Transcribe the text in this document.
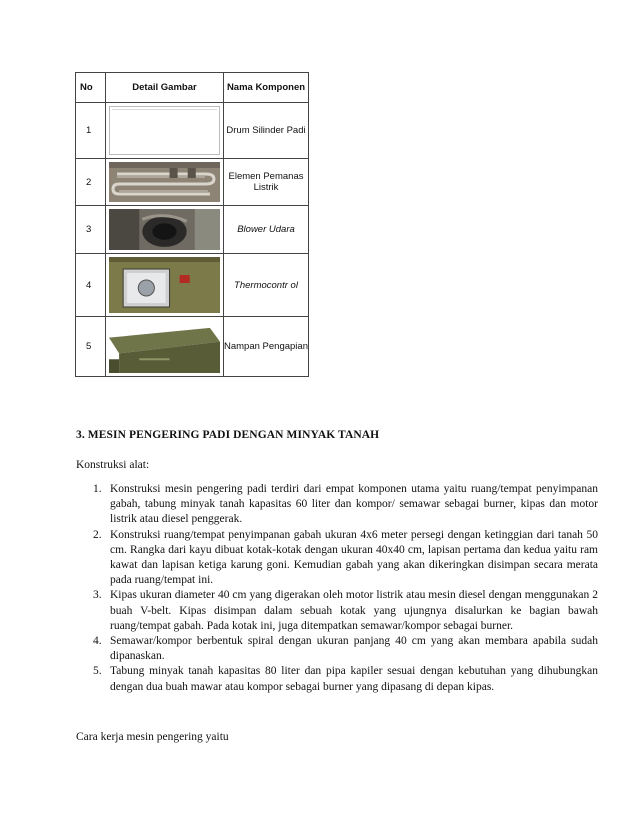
No	Detail Gambar	Nama Komponen
1		Drum Silinder Padi
2		Elemen Pemanas Listrik
3		Blower Udara
4		Thermocontr ol
5		Nampan Pengapian
3. MESIN PENGERING PADI DENGAN MINYAK TANAH
Konstruksi alat:
1. Konstruksi mesin pengering padi terdiri dari empat komponen utama yaitu ruang/tempat penyimpanan gabah, tabung minyak tanah kapasitas 60 liter dan kompor/ semawar sebagai burner, kipas dan motor listrik atau diesel penggerak.
2. Konstruksi ruang/tempat penyimpanan gabah ukuran 4x6 meter persegi dengan ketinggian dari tanah 50 cm. Rangka dari kayu dibuat kotak-kotak dengan ukuran 40x40 cm, lapisan pertama dan kedua yaitu ram kawat dan lapisan ketiga karung goni. Kemudian gabah yang akan dikeringkan disimpan secara merata pada ruang/tempat ini.
3. Kipas ukuran diameter 40 cm yang digerakan oleh motor listrik atau mesin diesel dengan menggunakan 2 buah V-belt. Kipas disimpan dalam sebuah kotak yang ujungnya disalurkan ke bagian bawah ruang/tempat gabah. Pada kotak ini, juga ditempatkan semawar/kompor sebagai burner.
4. Semawar/kompor berbentuk spiral dengan ukuran panjang 40 cm yang akan membara apabila sudah dipanaskan.
5. Tabung minyak tanah kapasitas 80 liter dan pipa kapiler sesuai dengan kebutuhan yang dihubungkan dengan dua buah mawar atau kompor sebagai burner yang dipasang di depan kipas.
Cara kerja mesin pengering yaitu
